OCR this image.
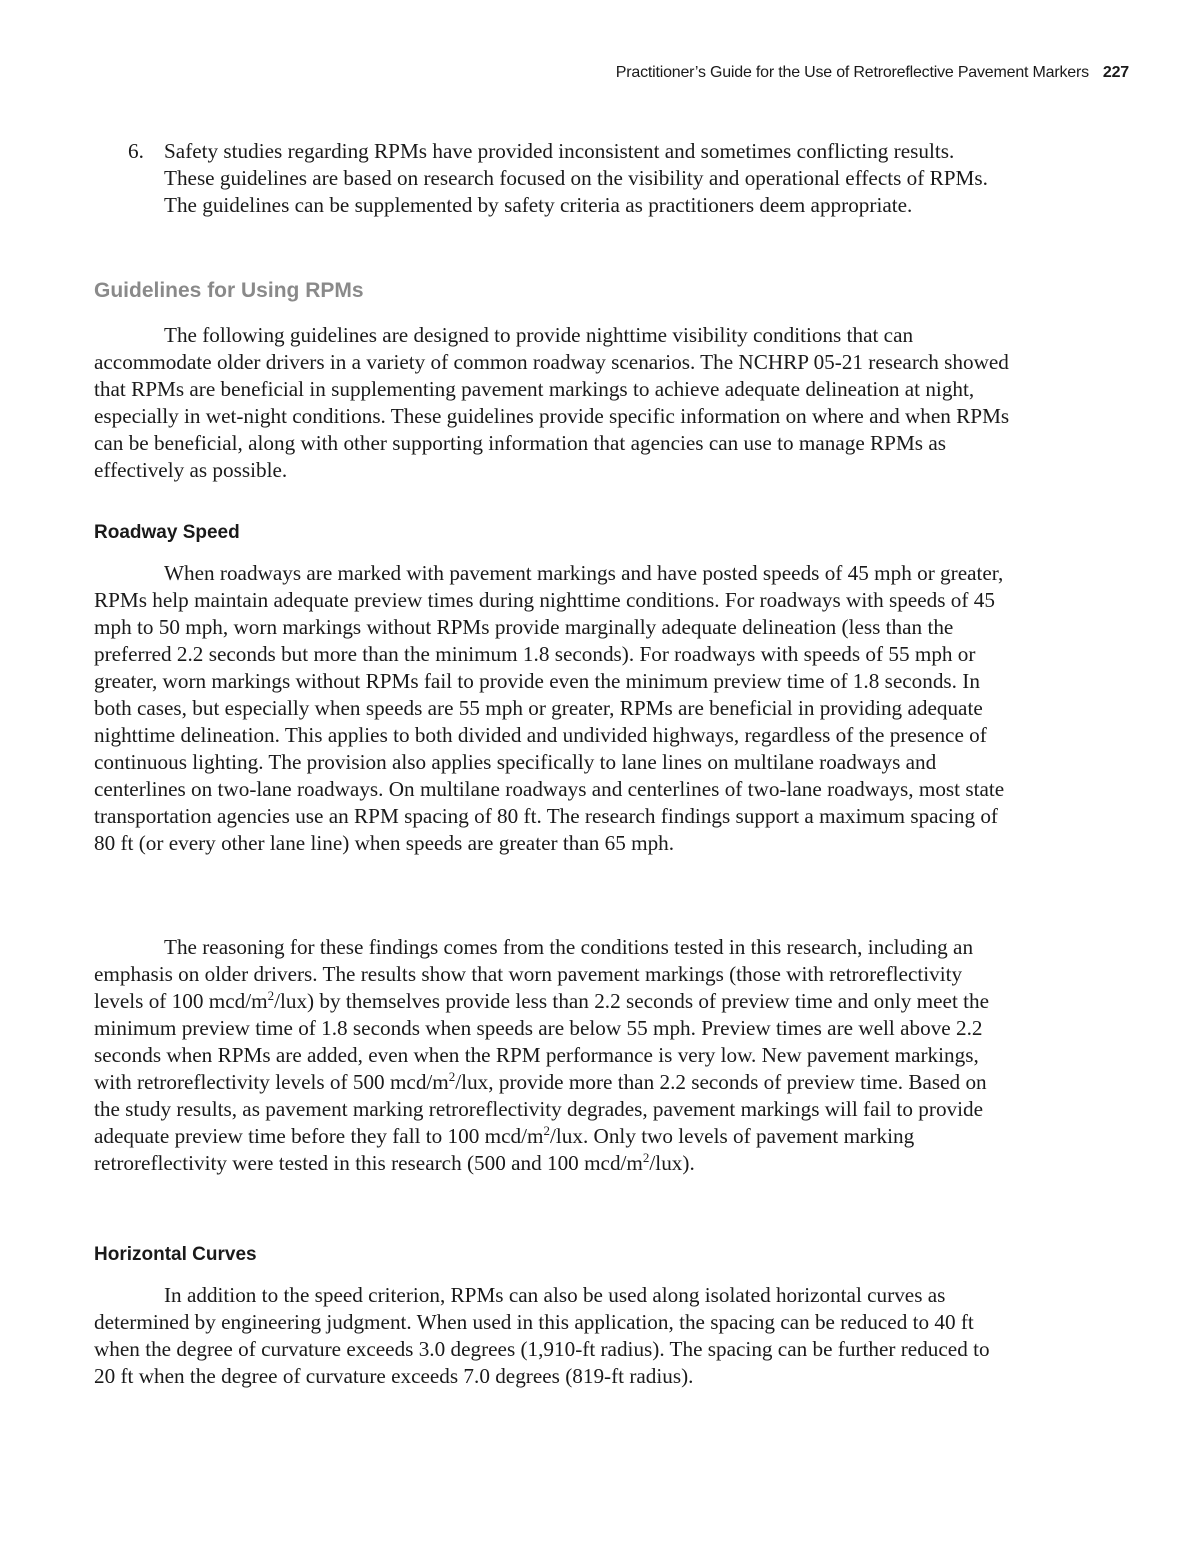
Practitioner’s Guide for the Use of Retroreflective Pavement Markers 227
6. Safety studies regarding RPMs have provided inconsistent and sometimes conflicting results. These guidelines are based on research focused on the visibility and operational effects of RPMs. The guidelines can be supplemented by safety criteria as practitioners deem appropriate.
Guidelines for Using RPMs

The following guidelines are designed to provide nighttime visibility conditions that can accommodate older drivers in a variety of common roadway scenarios. The NCHRP 05-21 research showed that RPMs are beneficial in supplementing pavement markings to achieve adequate delineation at night, especially in wet-night conditions. These guidelines provide specific information on where and when RPMs can be beneficial, along with other supporting information that agencies can use to manage RPMs as effectively as possible.

Roadway Speed

When roadways are marked with pavement markings and have posted speeds of 45 mph or greater, RPMs help maintain adequate preview times during nighttime conditions. For roadways with speeds of 45 mph to 50 mph, worn markings without RPMs provide marginally adequate delineation (less than the preferred 2.2 seconds but more than the minimum 1.8 seconds). For roadways with speeds of 55 mph or greater, worn markings without RPMs fail to provide even the minimum preview time of 1.8 seconds. In both cases, but especially when speeds are 55 mph or greater, RPMs are beneficial in providing adequate nighttime delineation. This applies to both divided and undivided highways, regardless of the presence of continuous lighting. The provision also applies specifically to lane lines on multilane roadways and centerlines on two-lane roadways. On multilane roadways and centerlines of two-lane roadways, most state transportation agencies use an RPM spacing of 80 ft. The research findings support a maximum spacing of 80 ft (or every other lane line) when speeds are greater than 65 mph.

The reasoning for these findings comes from the conditions tested in this research, including an emphasis on older drivers. The results show that worn pavement markings (those with retroreflectivity levels of 100 mcd/$m^2/lux$) by themselves provide less than 2.2 seconds of preview time and only meet the minimum preview time of 1.8 seconds when speeds are below 55 mph. Preview times are well above 2.2 seconds when RPMs are added, even when the RPM performance is very low. New pavement markings, with retroreflectivity levels of 500 mcd/$m^2$/lux, provide more than 2.2 seconds of preview time. Based on the study results, as pavement marking retroreflectivity degrades, pavement markings will fail to provide adequate preview time before they fall to 100 mcd/$m^2$/lux. Only two levels of pavement marking retroreflectivity were tested in this research (500 and 100 mcd/$m^2/lux$).

Horizontal Curves

In addition to the speed criterion, RPMs can also be used along isolated horizontal curves as determined by engineering judgment. When used in this application, the spacing can be reduced to 40 ft when the degree of curvature exceeds 3.0 degrees (1,910-ft radius). The spacing can be further reduced to 20 ft when the degree of curvature exceeds 7.0 degrees (819-ft radius).
